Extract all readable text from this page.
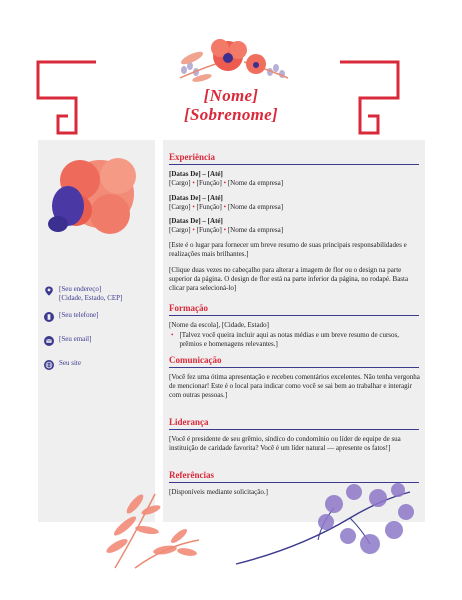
[Nome]
[Sobrenome]
[Seu endereço]
[Cidade, Estado, CEP]
[Seu telefone]
[Seu email]
Seu site
Experiência
[Datas De] – [Até]
[Cargo] • [Função] • [Nome da empresa]
[Datas De] – [Até]
[Cargo] • [Função] • [Nome da empresa]
[Datas De] – [Até]
[Cargo] • [Função] • [Nome da empresa]
[Este é o lugar para fornecer um breve resumo de suas principais responsabilidades e realizações mais brilhantes.]
[Clique duas vezes no cabeçalho para alterar a imagem de flor ou o design na parte superior da página. O design de flor está na parte inferior da página, no rodapé. Basta clicar para selecioná-lo]
Formação
[Nome da escola], [Cidade, Estado]
• [Talvez você queira incluir aqui as notas médias e um breve resumo de cursos, prêmios e homenagens relevantes.]
Comunicação
[Você fez uma ótima apresentação e recebeu comentários excelentes. Não tenha vergonha de mencionar! Este é o local para indicar como você se sai bem ao trabalhar e interagir com outras pessoas.]
Liderança
[Você é presidente de seu grêmio, síndico do condomínio ou líder de equipe de sua instituição de caridade favorita? Você é um líder natural — apresente os fatos!]
Referências
[Disponíveis mediante solicitação.]
